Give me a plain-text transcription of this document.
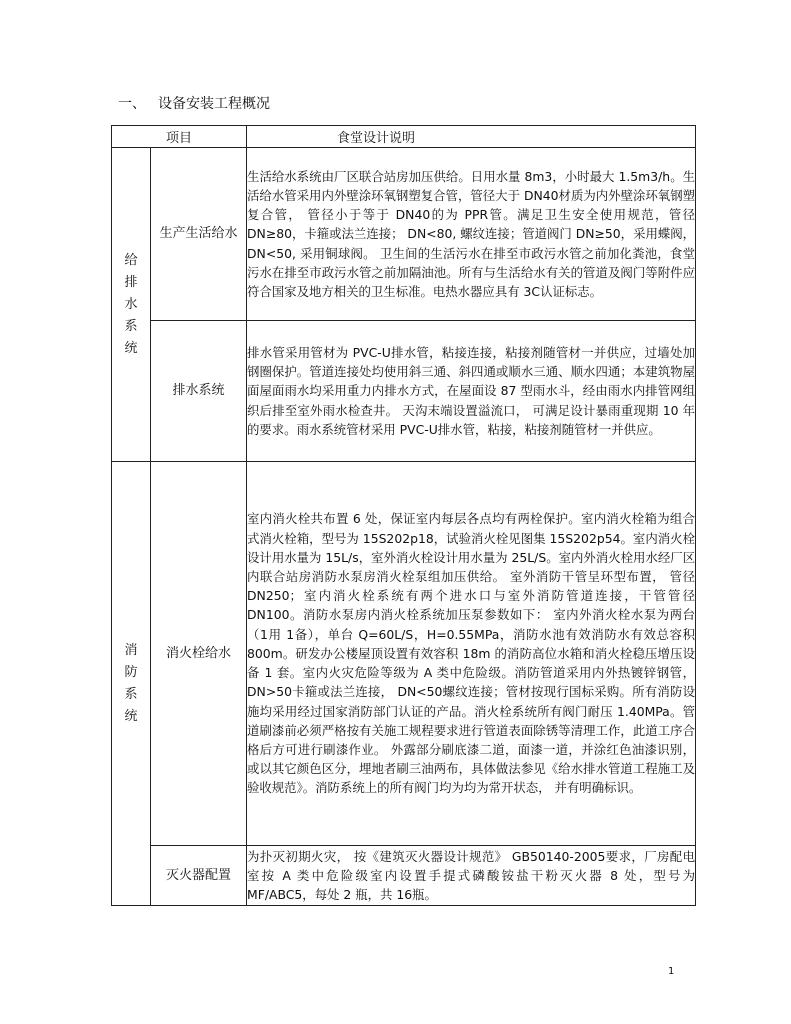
一、 设备安装工程概况
项目		食堂设计说明

给排水系统	生产生活给水	生活给水系统由厂区联合站房加压供给。日用水量 8m3，小时最大 1.5m3/h。生活给水管采用内外壁涂环氧钢塑复合管，管径大于 DN40材质为内外壁涂环氧钢塑复合管， 管径小于等于 DN40的为 PPR管。满足卫生安全使用规范，管径 DN≥80，卡箍或法兰连接； DN<80, 螺纹连接；管道阀门 DN≥50，采用蝶阀，DN<50, 采用铜球阀。 卫生间的生活污水在排至市政污水管之前加化粪池，食堂污水在排至市政污水管之前加隔油池。所有与生活给水有关的管道及阀门等附件应符合国家及地方相关的卫生标准。电热水器应具有 3C认证标志。
	排水系统	排水管采用管材为 PVC-U排水管，粘接连接，粘接剂随管材一并供应，过墙处加钢圈保护。管道连接处均使用斜三通、斜四通或顺水三通、顺水四通；本建筑物屋面屋面雨水均采用重力内排水方式，在屋面设 87 型雨水斗，经由雨水内排管网组织后排至室外雨水检查井。 天沟末端设置溢流口， 可满足设计暴雨重现期 10 年的要求。雨水系统管材采用 PVC-U排水管，粘接，粘接剂随管材一并供应。

消防系统	消火栓给水	室内消火栓共布置 6 处，保证室内每层各点均有两栓保护。室内消火栓箱为组合式消火栓箱，型号为 15S202p18，试验消火栓见图集 15S202p54。室内消火栓设计用水量为 15L/s，室外消火栓设计用水量为 25L/S。室内外消火栓用水经厂区内联合站房消防水泵房消火栓泵组加压供给。 室外消防干管呈环型布置， 管径 DN250；室内消火栓系统有两个进水口与室外消防管道连接，干管管径 DN100。消防水泵房内消火栓系统加压泵参数如下： 室内外消火栓水泵为两台（1用 1备），单台 Q=60L/S，H=0.55MPa，消防水池有效消防水有效总容积 800m。研发办公楼屋顶设置有效容积 18m 的消防高位水箱和消火栓稳压增压设备 1 套。室内火灾危险等级为 A 类中危险级。消防管道采用内外热镀锌钢管， DN>50卡箍或法兰连接， DN<50螺纹连接；管材按现行国标采购。所有消防设施均采用经过国家消防部门认证的产品。消火栓系统所有阀门耐压 1.40MPa。管道刷漆前必须严格按有关施工规程要求进行管道表面除锈等清理工作，此道工序合格后方可进行刷漆作业。 外露部分刷底漆二道，面漆一道，并涂红色油漆识别，或以其它颜色区分，埋地者刷三油两布，具体做法参见《给水排水管道工程施工及验收规范》。消防系统上的所有阀门均为均为常开状态， 并有明确标识。
	灭火器配置	为扑灭初期火灾， 按《建筑灭火器设计规范》 GB50140-2005要求，厂房配电室按 A 类中危险级室内设置手提式磷酸铵盐干粉灭火器 8 处，型号为 MF/ABC5，每处 2 瓶，共 16瓶。
1
